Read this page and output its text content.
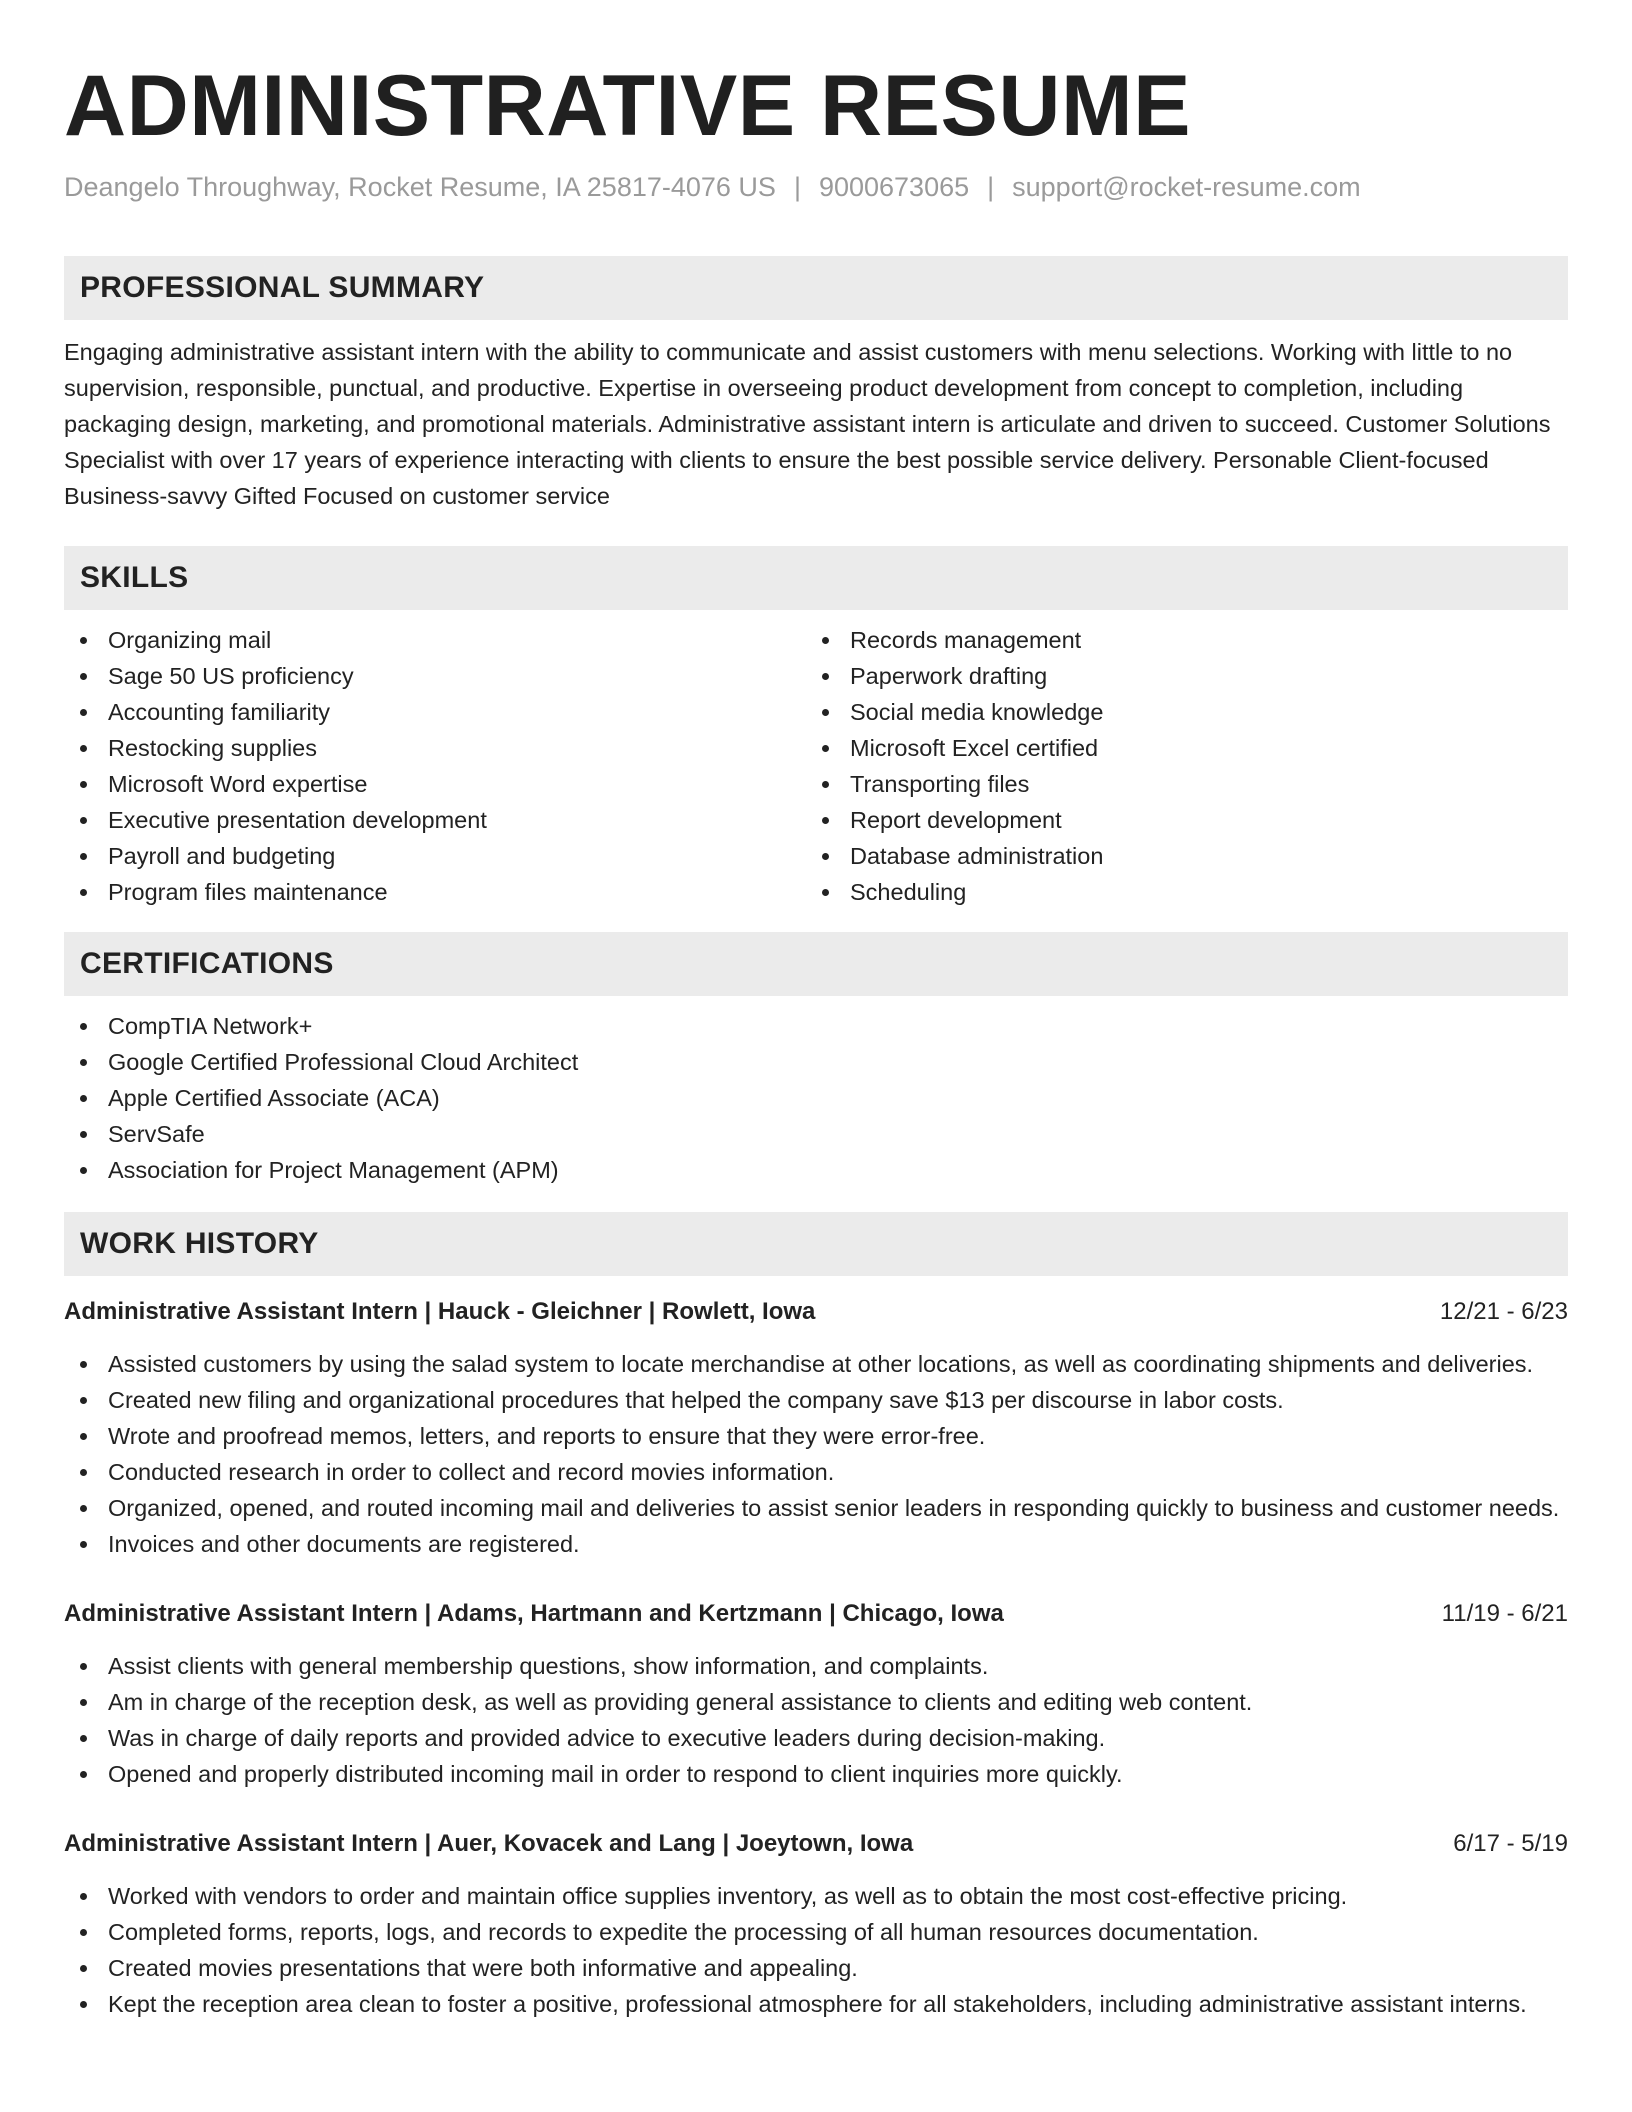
ADMINISTRATIVE RESUME
Deangelo Throughway, Rocket Resume, IA 25817-4076 US | 9000673065 | support@rocket-resume.com
PROFESSIONAL SUMMARY

Engaging administrative assistant intern with the ability to communicate and assist customers with menu selections. Working with little to no supervision, responsible, punctual, and productive. Expertise in overseeing product development from concept to completion, including packaging design, marketing, and promotional materials. Administrative assistant intern is articulate and driven to succeed. Customer Solutions Specialist with over 17 years of experience interacting with clients to ensure the best possible service delivery. Personable Client-focused Business-savvy Gifted Focused on customer service

SKILLS
Organizing mail
Sage 50 US proficiency
Accounting familiarity
Restocking supplies
Microsoft Word expertise
Executive presentation development
Payroll and budgeting
Program files maintenance
Records management
Paperwork drafting
Social media knowledge
Microsoft Excel certified
Transporting files
Report development
Database administration
Scheduling
CERTIFICATIONS
CompTIA Network+
Google Certified Professional Cloud Architect
Apple Certified Associate (ACA)
ServSafe
Association for Project Management (APM)
WORK HISTORY
Administrative Assistant Intern | Hauck - Gleichner | Rowlett, Iowa	12/21 - 6/23
Assisted customers by using the salad system to locate merchandise at other locations, as well as coordinating shipments and deliveries.
Created new filing and organizational procedures that helped the company save $13 per discourse in labor costs.
Wrote and proofread memos, letters, and reports to ensure that they were error-free.
Conducted research in order to collect and record movies information.
Organized, opened, and routed incoming mail and deliveries to assist senior leaders in responding quickly to business and customer needs.
Invoices and other documents are registered.
Administrative Assistant Intern | Adams, Hartmann and Kertzmann | Chicago, Iowa	11/19 - 6/21
Assist clients with general membership questions, show information, and complaints.
Am in charge of the reception desk, as well as providing general assistance to clients and editing web content.
Was in charge of daily reports and provided advice to executive leaders during decision-making.
Opened and properly distributed incoming mail in order to respond to client inquiries more quickly.
Administrative Assistant Intern | Auer, Kovacek and Lang | Joeytown, Iowa	6/17 - 5/19
Worked with vendors to order and maintain office supplies inventory, as well as to obtain the most cost-effective pricing.
Completed forms, reports, logs, and records to expedite the processing of all human resources documentation.
Created movies presentations that were both informative and appealing.
Kept the reception area clean to foster a positive, professional atmosphere for all stakeholders, including administrative assistant interns.
